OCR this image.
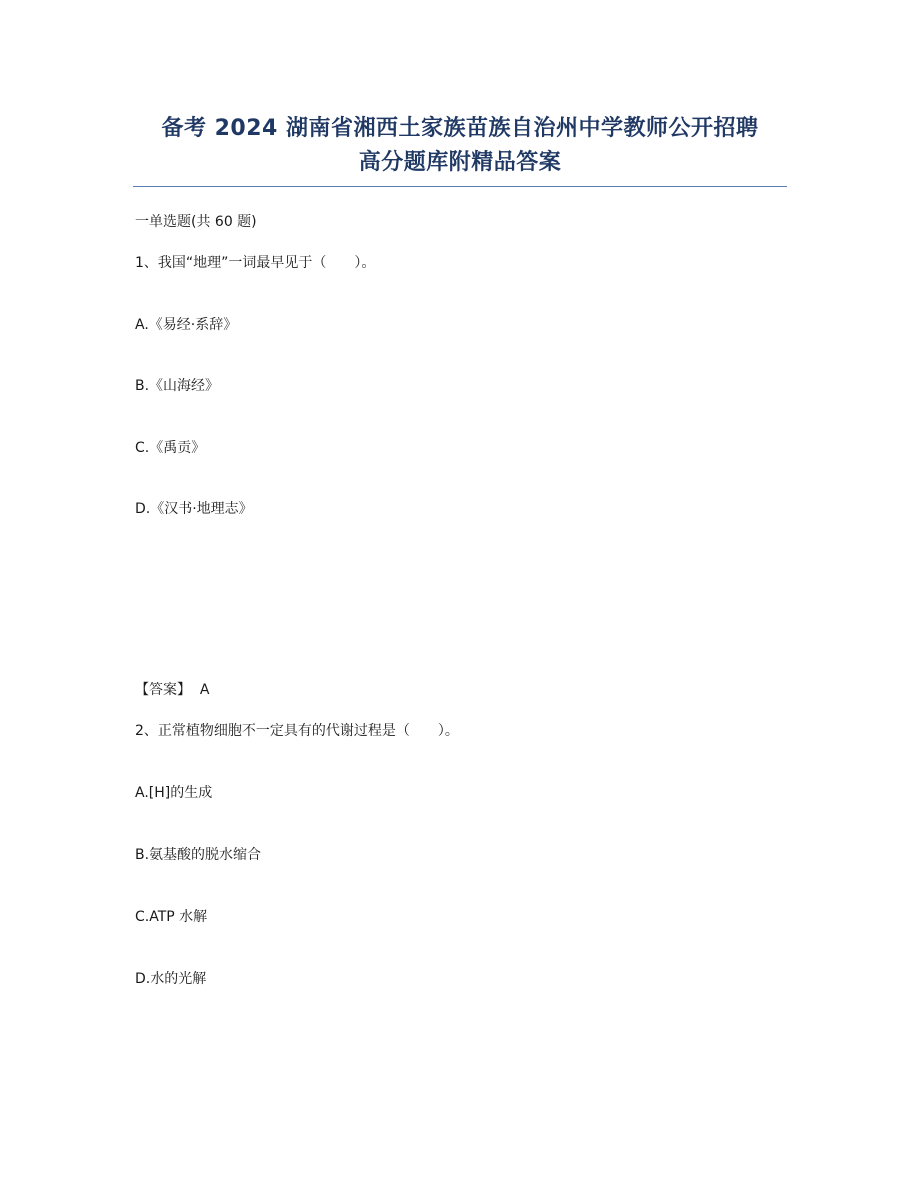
备考 2024 湖南省湘西土家族苗族自治州中学教师公开招聘
高分题库附精品答案
一单选题(共 60 题)
1、我国“地理”一词最早见于（　　）。
A.《易经·系辞》
B.《山海经》
C.《禹贡》
D.《汉书·地理志》
【答案】  A
2、正常植物细胞不一定具有的代谢过程是（　　）。
A.[H]的生成
B.氨基酸的脱水缩合
C.ATP 水解
D.水的光解
